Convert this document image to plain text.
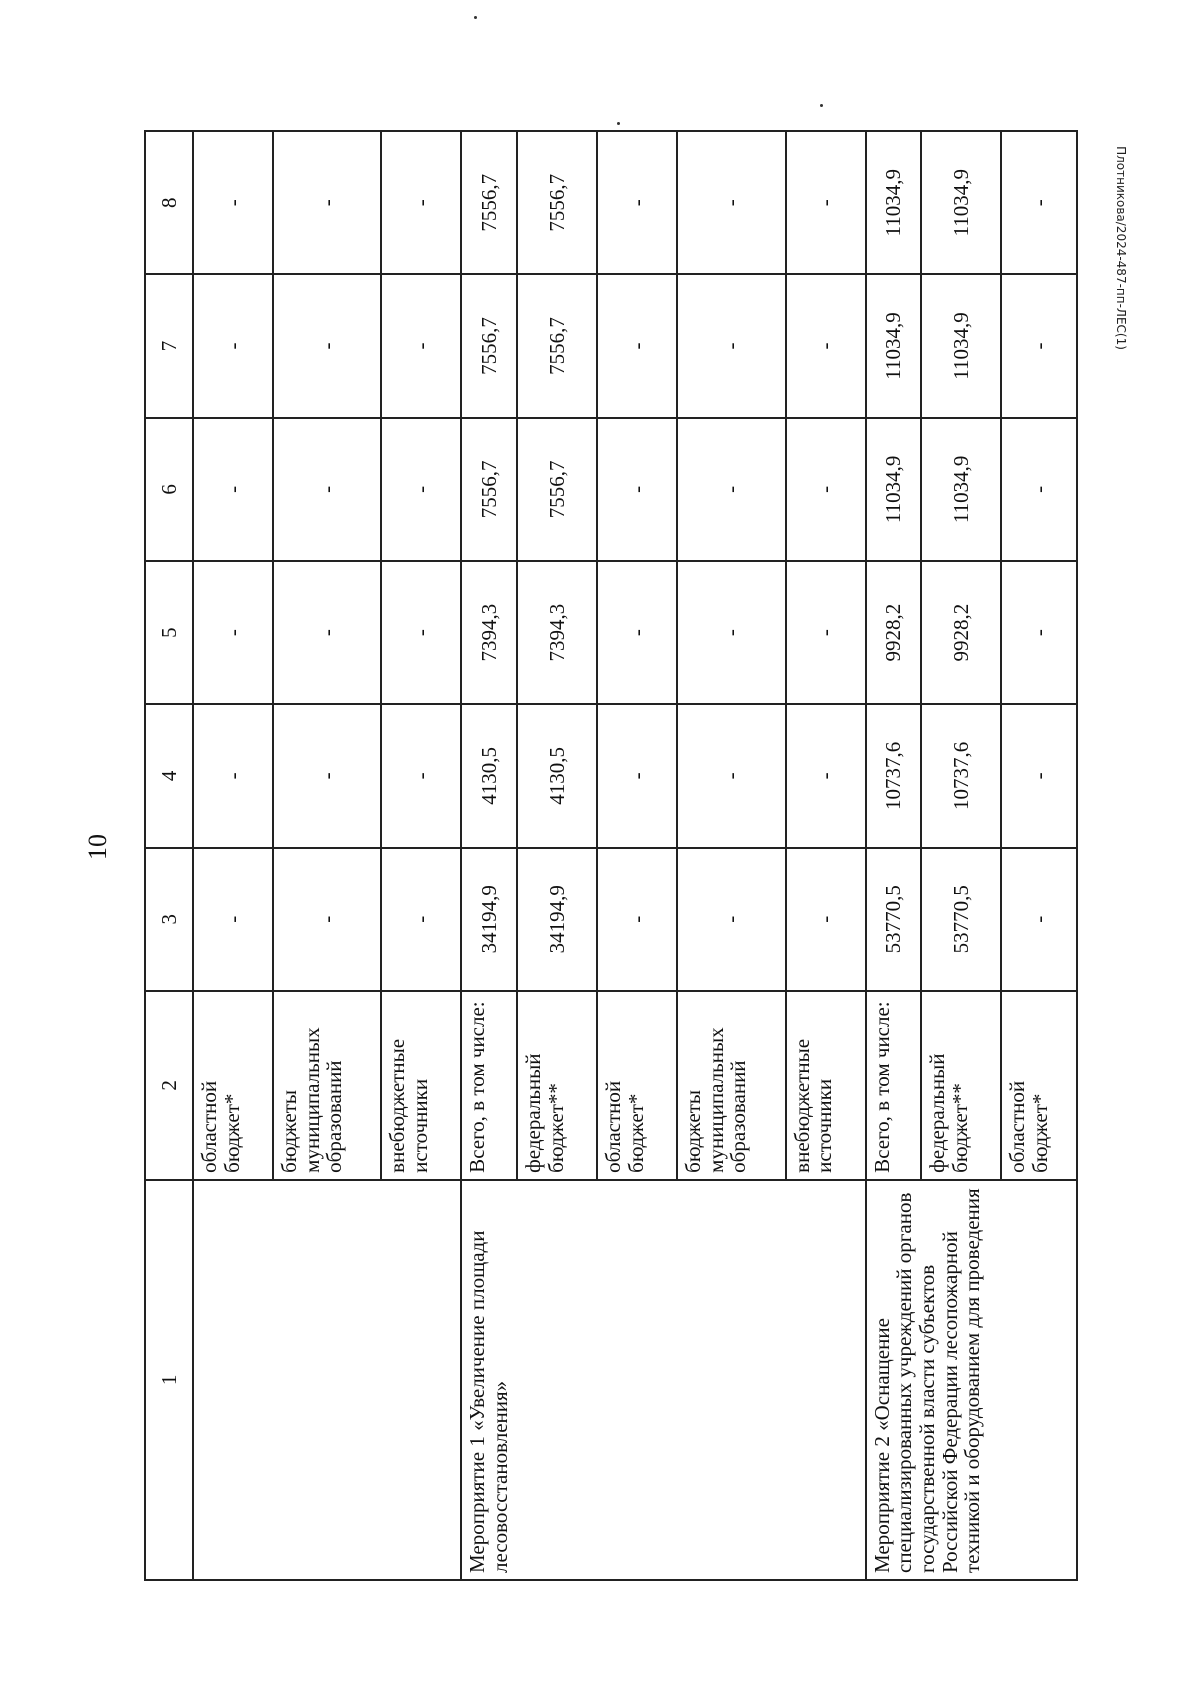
10
Плотникова/2024-487-пп-ЛЕС(1)
1	2	3	4	5	6	7	8
	областной бюджет*	-	-	-	-	-	-
	бюджеты муниципальных образований	-	-	-	-	-	-
	внебюджетные источники	-	-	-	-	-	-
Мероприятие 1 «Увеличение площади лесовосстановления»	Всего, в том числе:	34194,9	4130,5	7394,3	7556,7	7556,7	7556,7
	федеральный бюджет**	34194,9	4130,5	7394,3	7556,7	7556,7	7556,7
	областной бюджет*	-	-	-	-	-	-
	бюджеты муниципальных образований	-	-	-	-	-	-
	внебюджетные источники	-	-	-	-	-	-
Мероприятие 2 «Оснащение специализированных учреждений органов государственной власти субъектов Российской Федерации лесопожарной техникой и оборудованием для проведения	Всего, в том числе:	53770,5	10737,6	9928,2	11034,9	11034,9	11034,9
	федеральный бюджет**	53770,5	10737,6	9928,2	11034,9	11034,9	11034,9
	областной бюджет*	-	-	-	-	-	-
